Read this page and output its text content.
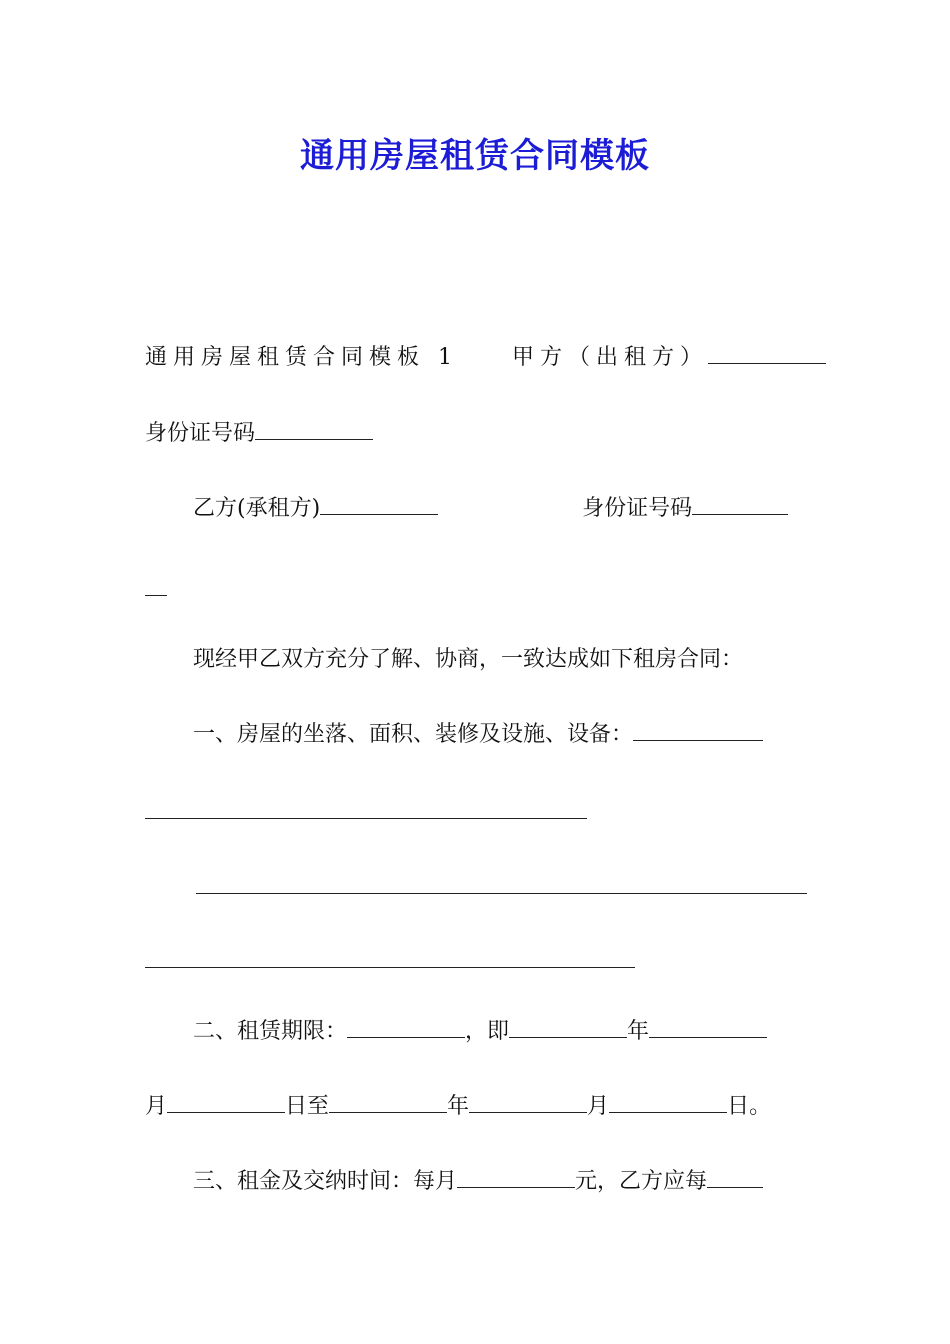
通用房屋租赁合同模板
通用房屋租赁合同模板 1 甲方（出租方）
身份证号码
乙方(承租方)	身份证号码
现经甲乙双方充分了解、协商，一致达成如下租房合同：
一、房屋的坐落、面积、装修及设施、设备：
二、租赁期限：	，即	年
月	日至	年	月	日。
三、租金及交纳时间：每月	元，乙方应每
